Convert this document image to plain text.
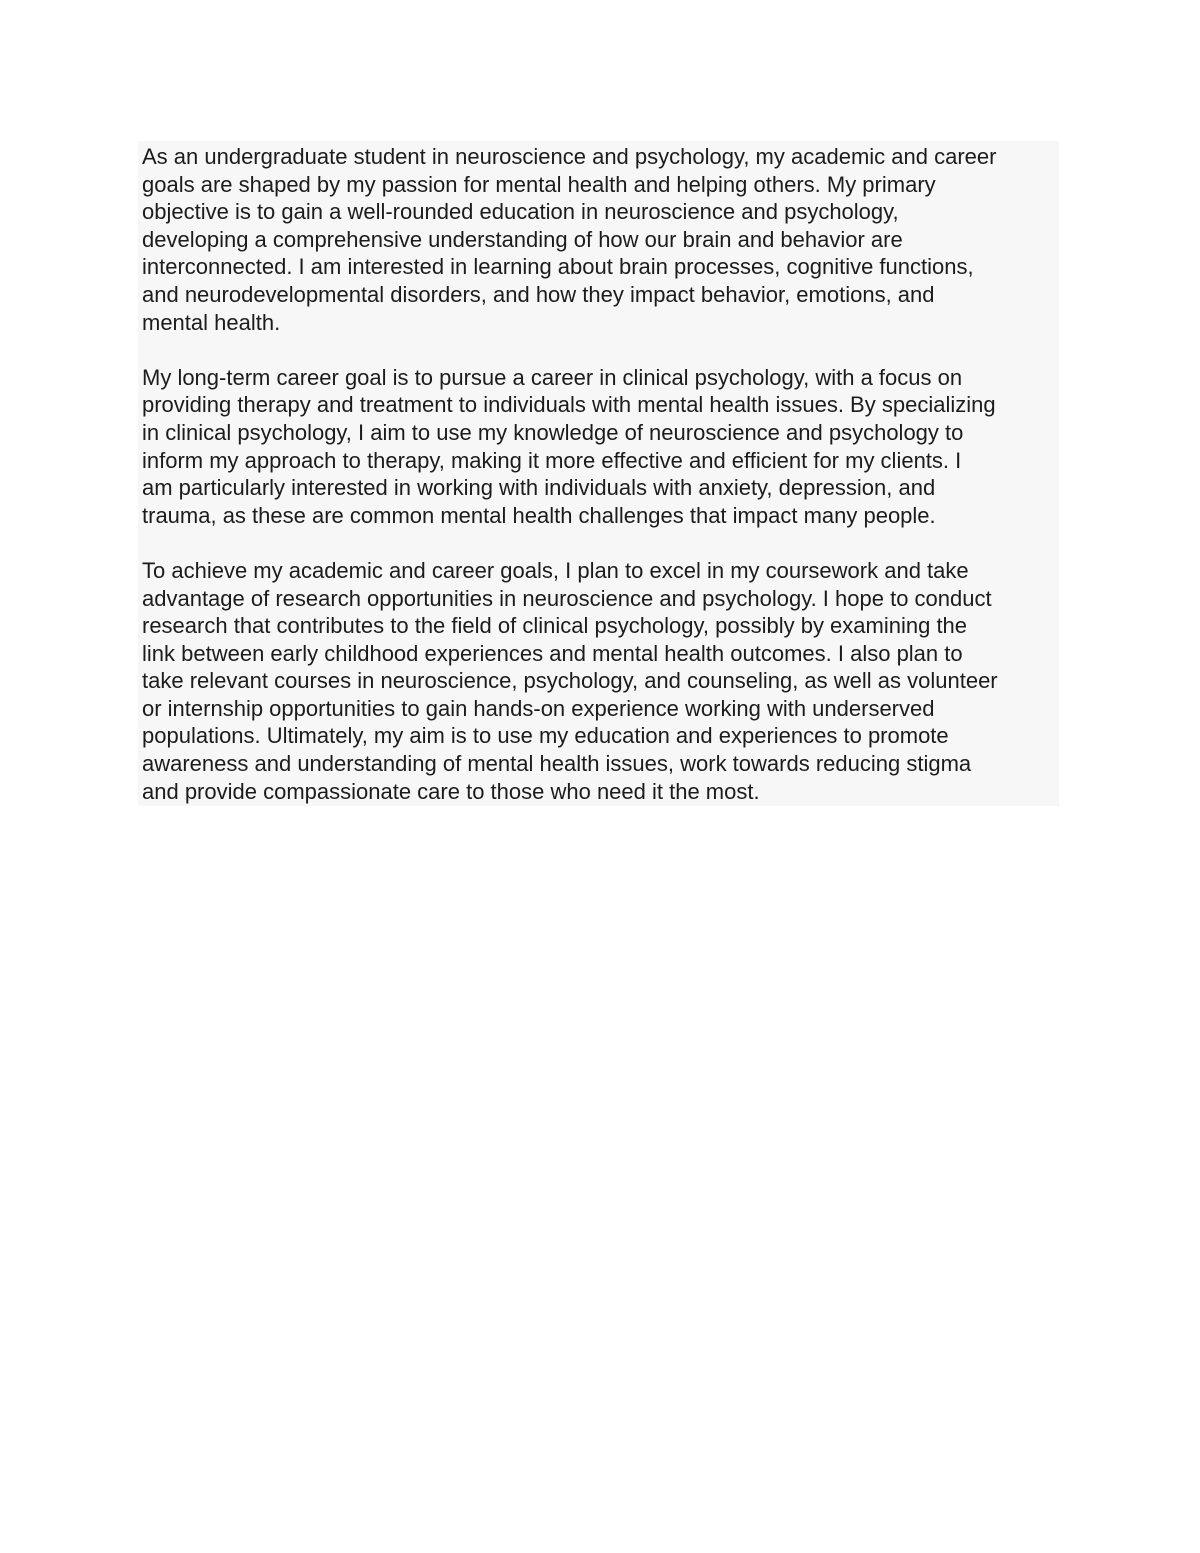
As an undergraduate student in neuroscience and psychology, my academic and career
goals are shaped by my passion for mental health and helping others. My primary
objective is to gain a well-rounded education in neuroscience and psychology,
developing a comprehensive understanding of how our brain and behavior are
interconnected. I am interested in learning about brain processes, cognitive functions,
and neurodevelopmental disorders, and how they impact behavior, emotions, and
mental health.

My long-term career goal is to pursue a career in clinical psychology, with a focus on
providing therapy and treatment to individuals with mental health issues. By specializing
in clinical psychology, I aim to use my knowledge of neuroscience and psychology to
inform my approach to therapy, making it more effective and efficient for my clients. I
am particularly interested in working with individuals with anxiety, depression, and
trauma, as these are common mental health challenges that impact many people.

To achieve my academic and career goals, I plan to excel in my coursework and take
advantage of research opportunities in neuroscience and psychology. I hope to conduct
research that contributes to the field of clinical psychology, possibly by examining the
link between early childhood experiences and mental health outcomes. I also plan to
take relevant courses in neuroscience, psychology, and counseling, as well as volunteer
or internship opportunities to gain hands-on experience working with underserved
populations. Ultimately, my aim is to use my education and experiences to promote
awareness and understanding of mental health issues, work towards reducing stigma
and provide compassionate care to those who need it the most.
